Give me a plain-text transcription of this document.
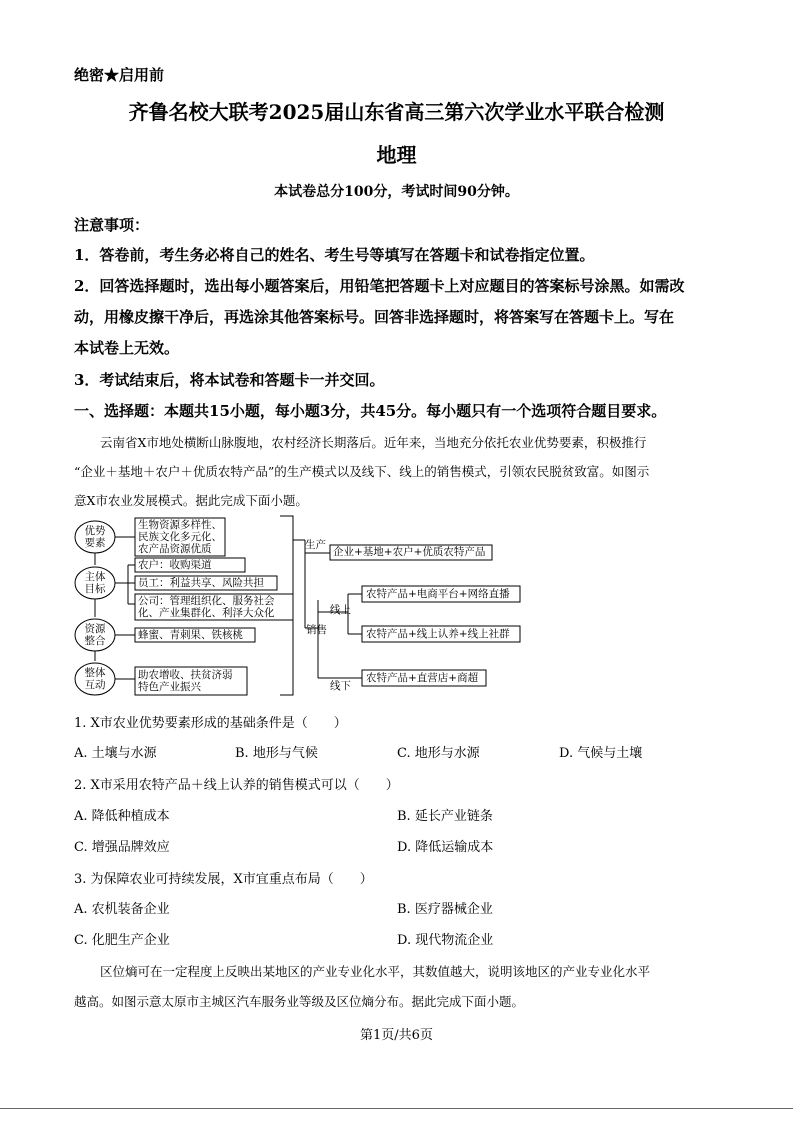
绝密★启用前
齐鲁名校大联考2025届山东省高三第六次学业水平联合检测
地理
本试卷总分100分，考试时间90分钟。
注意事项：
1．答卷前，考生务必将自己的姓名、考生号等填写在答题卡和试卷指定位置。
2．回答选择题时，选出每小题答案后，用铅笔把答题卡上对应题目的答案标号涂黑。如需改
动，用橡皮擦干净后，再选涂其他答案标号。回答非选择题时，将答案写在答题卡上。写在
本试卷上无效。
3．考试结束后，将本试卷和答题卡一并交回。
一、选择题：本题共15小题，每小题3分，共45分。每小题只有一个选项符合题目要求。
云南省X市地处横断山脉腹地，农村经济长期落后。近年来，当地充分依托农业优势要素，积极推行
“企业＋基地＋农户＋优质农特产品”的生产模式以及线下、线上的销售模式，引领农民脱贫致富。如图示
意X市农业发展模式。据此完成下面小题。
优势要素
主体目标
资源整合
整体互动
生物资源多样性、
民族文化多元化、
农产品资源优质
农户：收购渠道
员工：利益共享、风险共担
公司：管理组织化、服务社会
化、产业集群化、利泽大众化
蜂蜜、青刺果、铁核桃
助农增收、扶贫济弱
特色产业振兴
生产
销售
线上
线下
企业+基地+农户+优质农特产品
农特产品+电商平台+网络直播
农特产品+线上认养+线上社群
农特产品+直营店+商超
1. X市农业优势要素形成的基础条件是（　　）
A. 土壤与水源	B. 地形与气候	C. 地形与水源	D. 气候与土壤
2. X市采用农特产品＋线上认养的销售模式可以（　　）
A. 降低种植成本	B. 延长产业链条
C. 增强品牌效应	D. 降低运输成本
3. 为保障农业可持续发展，X市宜重点布局（　　）
A. 农机装备企业	B. 医疗器械企业
C. 化肥生产企业	D. 现代物流企业
区位熵可在一定程度上反映出某地区的产业专业化水平，其数值越大，说明该地区的产业专业化水平
越高。如图示意太原市主城区汽车服务业等级及区位熵分布。据此完成下面小题。
第1页/共6页
